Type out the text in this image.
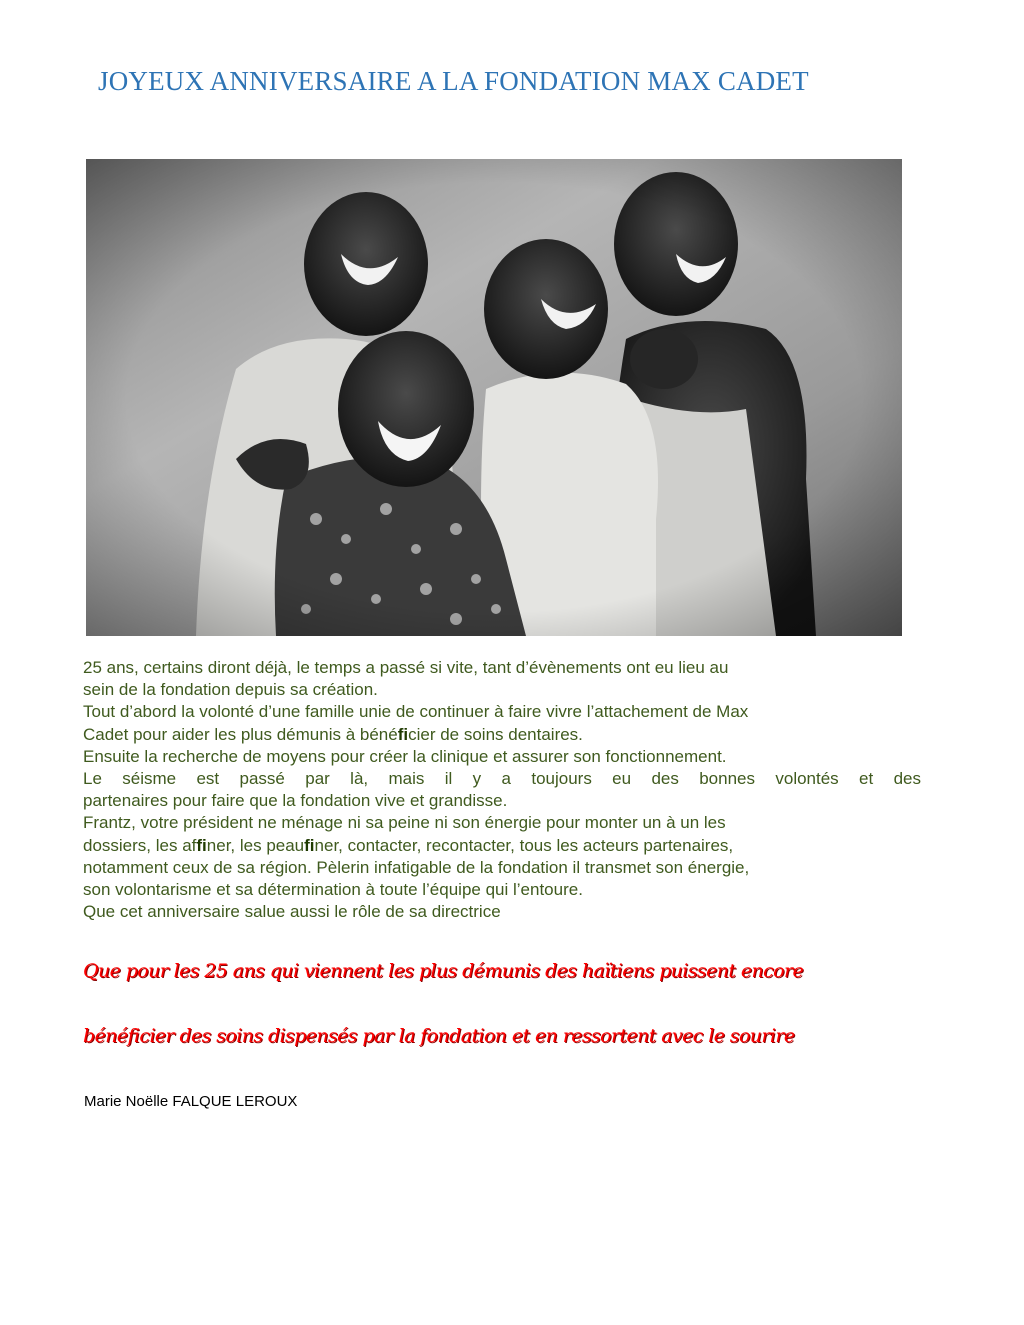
JOYEUX ANNIVERSAIRE A LA FONDATION MAX CADET
25 ans, certains diront déjà, le temps a passé si vite, tant d’évènements ont eu lieu au
sein de la fondation depuis sa création.
Tout d’abord la volonté d’une famille unie de continuer à faire vivre l’attachement de Max
Cadet pour aider les plus démunis à bénéficier de soins dentaires.
Ensuite la recherche de moyens pour créer la clinique et assurer son fonctionnement.
Le séisme est passé par là, mais il y a toujours eu des bonnes volontés et des
partenaires pour faire que la fondation vive et grandisse.
Frantz, votre président ne ménage ni sa peine ni son énergie pour monter un à un les
dossiers, les affiner, les peaufiner, contacter, recontacter, tous les acteurs partenaires,
notamment ceux de sa région. Pèlerin infatigable de la fondation il transmet son énergie,
son volontarisme et sa détermination à toute l’équipe qui l’entoure.
Que cet anniversaire salue aussi le rôle de sa directrice

Que pour les 25 ans qui viennent les plus démunis des haïtiens puissent encore

bénéficier des soins dispensés par la fondation et en ressortent avec le sourire

Marie Noëlle FALQUE LEROUX
